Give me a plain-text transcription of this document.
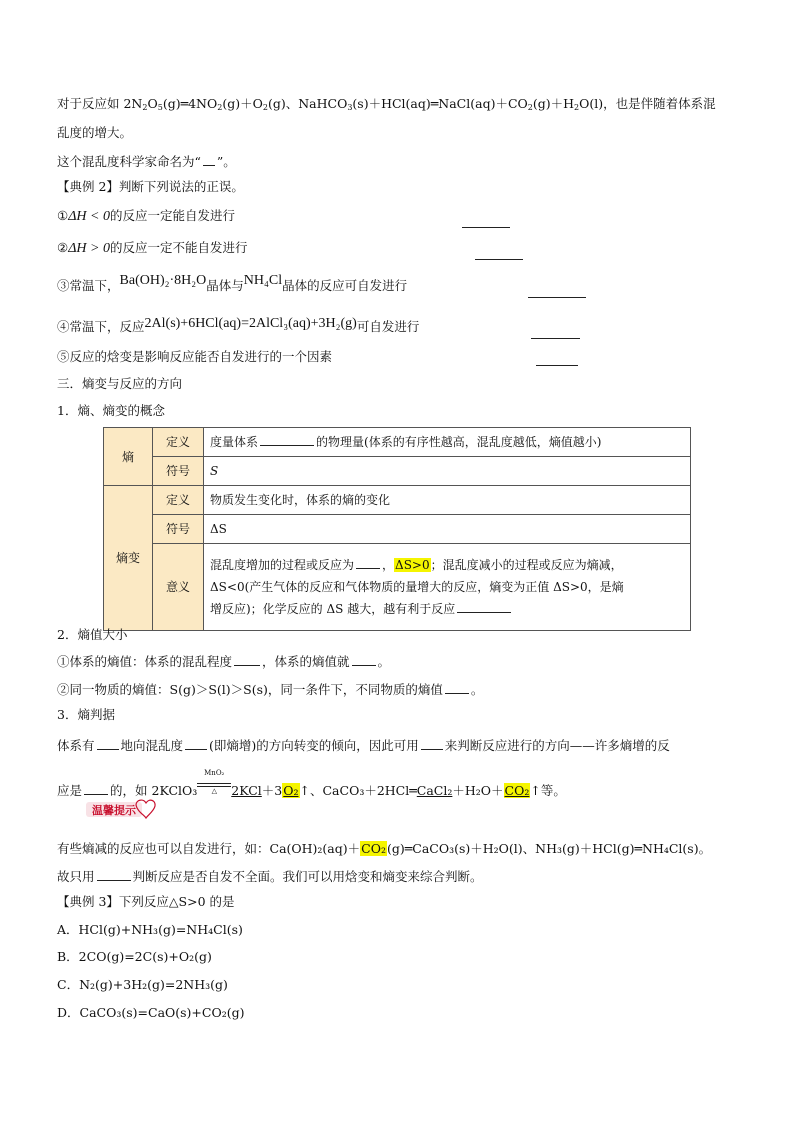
对于反应如 $2N_2O_5(g)═4NO_2(g)+O_2(g)$、$NaHCO_3(s)+HCl(aq)═NaCl(aq)+CO_2(g)+H_2O(l)$，也是伴随着体系混
乱度的增大。
这个混乱度科学家命名为“ ”。
【典例 2】判断下列说法的正误。
①ΔH < 0的反应一定能自发进行
②ΔH > 0的反应一定不能自发进行
③常温下，Ba(OH)₂·8H₂O晶体与NH₄Cl晶体的反应可自发进行
④常温下，反应2Al(s)+6HCl(aq)=2AlCl₃(aq)+3H₂(g)可自发进行
⑤反应的焓变是影响反应能否自发进行的一个因素
三．熵变与反应的方向
1．熵、熵变的概念
熵	定义	度量体系 的物理量(体系的有序性越高，混乱度越低，熵值越小)
	符号	S
熵变	定义	物质发生变化时，体系的熵的变化
	符号	ΔS
	意义	混乱度增加的过程或反应为 ，ΔS>0；混乱度减小的过程或反应为熵减，
ΔS<0(产生气体的反应和气体物质的量增大的反应，熵变为正值 ΔS>0，是熵
增反应)；化学反应的 ΔS 越大，越有利于反应
2．熵值大小
①体系的熵值：体系的混乱程度 ，体系的熵值就 。
②同一物质的熵值：S(g)＞S(l)＞S(s)，同一条件下，不同物质的熵值 。
3．熵判据
体系有 地向混乱度 (即熵增)的方向转变的倾向，因此可用 来判断反应进行的方向——许多熵增的反
应是 的，如 2KClO₃MnO₂
△	2KCl＋3O₂↑、CaCO₃＋2HCl═CaCl₂＋H₂O＋CO₂↑等。
温馨提示
有些熵减的反应也可以自发进行，如：Ca(OH)₂(aq)＋CO₂(g)═CaCO₃(s)＋H₂O(l)、NH₃(g)＋HCl(g)═NH₄Cl(s)。
故只用	判断反应是否自发不全面。我们可以用焓变和熵变来综合判断。
【典例 3】下列反应△S>0 的是
A．HCl(g)+NH₃(g)=NH₄Cl(s)
B．2CO(g)=2C(s)+O₂(g)
C．N₂(g)+3H₂(g)=2NH₃(g)
D．CaCO₃(s)=CaO(s)+CO₂(g)
